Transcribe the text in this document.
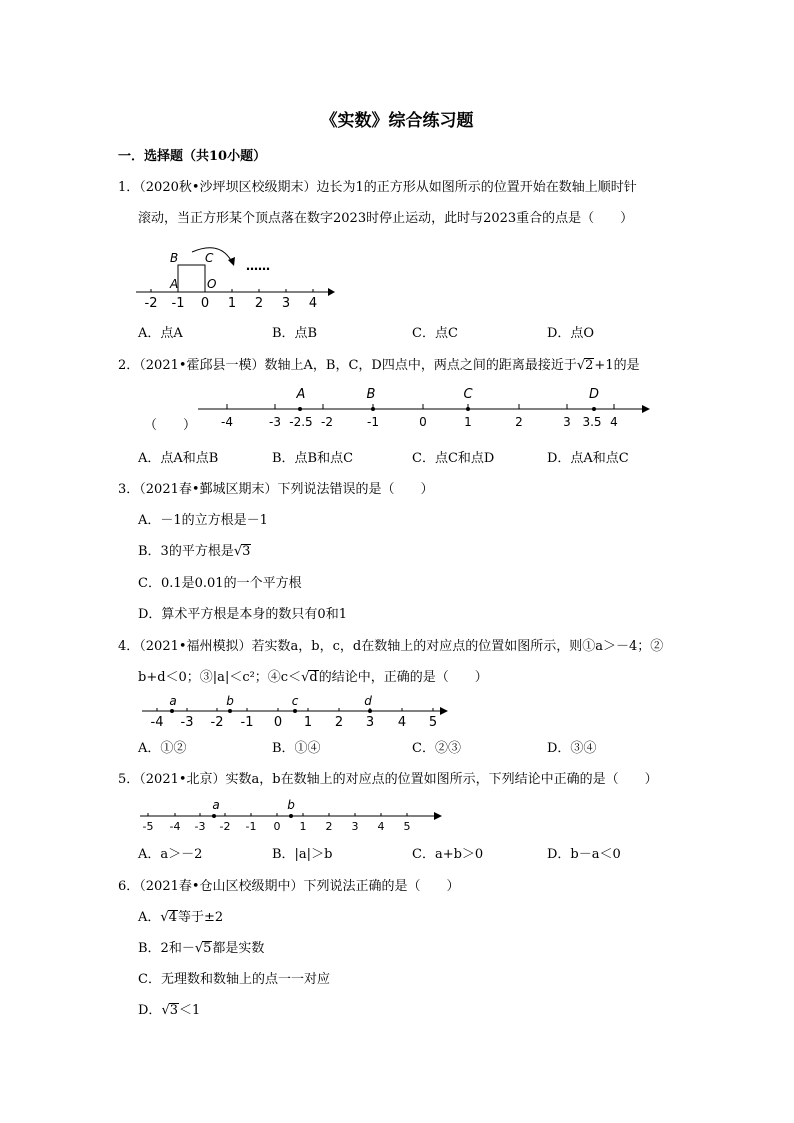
《实数》综合练习题
一．选择题（共10小题）
1．（2020秋•沙坪坝区校级期末）边长为1的正方形从如图所示的位置开始在数轴上顺时针
滚动，当正方形某个顶点落在数字2023时停止运动，此时与2023重合的点是（　　）
-2 -1 0 1 2 3 4
A
B C
O
……
A．点A	B．点B	C．点C	D．点O
2．（2021•霍邱县一模）数轴上A，B，C，D四点中，两点之间的距离最接近于√2+1的是
（　　）
A	B	C	D
-4	-3 -2.5 -2	-1	0	1	2	3 3.5 4
A．点A和点B	B．点B和点C	C．点C和点D	D．点A和点C
3．（2021春•鄞城区期末）下列说法错误的是（　　）
A．－1的立方根是－1
B．3的平方根是√3
C．0.1是0.01的一个平方根
D．算术平方根是本身的数只有0和1
4．（2021•福州模拟）若实数a，b，c，d在数轴上的对应点的位置如图所示，则①a＞－4；②
b+d＜0；③|a|＜c²；④c＜√d的结论中，正确的是（　　）
a	b	c	d
-4 -3 -2 -1 0 1 2 3 4 5
A．①②	B．①④	C．②③	D．③④
5．（2021•北京）实数a，b在数轴上的对应点的位置如图所示，下列结论中正确的是（　　）
a	b
-5 -4 -3 -2 -1 0 1 2 3 4 5
A．a＞－2	B．|a|＞b	C．a+b＞0	D．b－a＜0
6．（2021春•仓山区校级期中）下列说法正确的是（　　）
A．√4等于±2
B．2和－√5都是实数
C．无理数和数轴上的点一一对应
D．√3＜1
